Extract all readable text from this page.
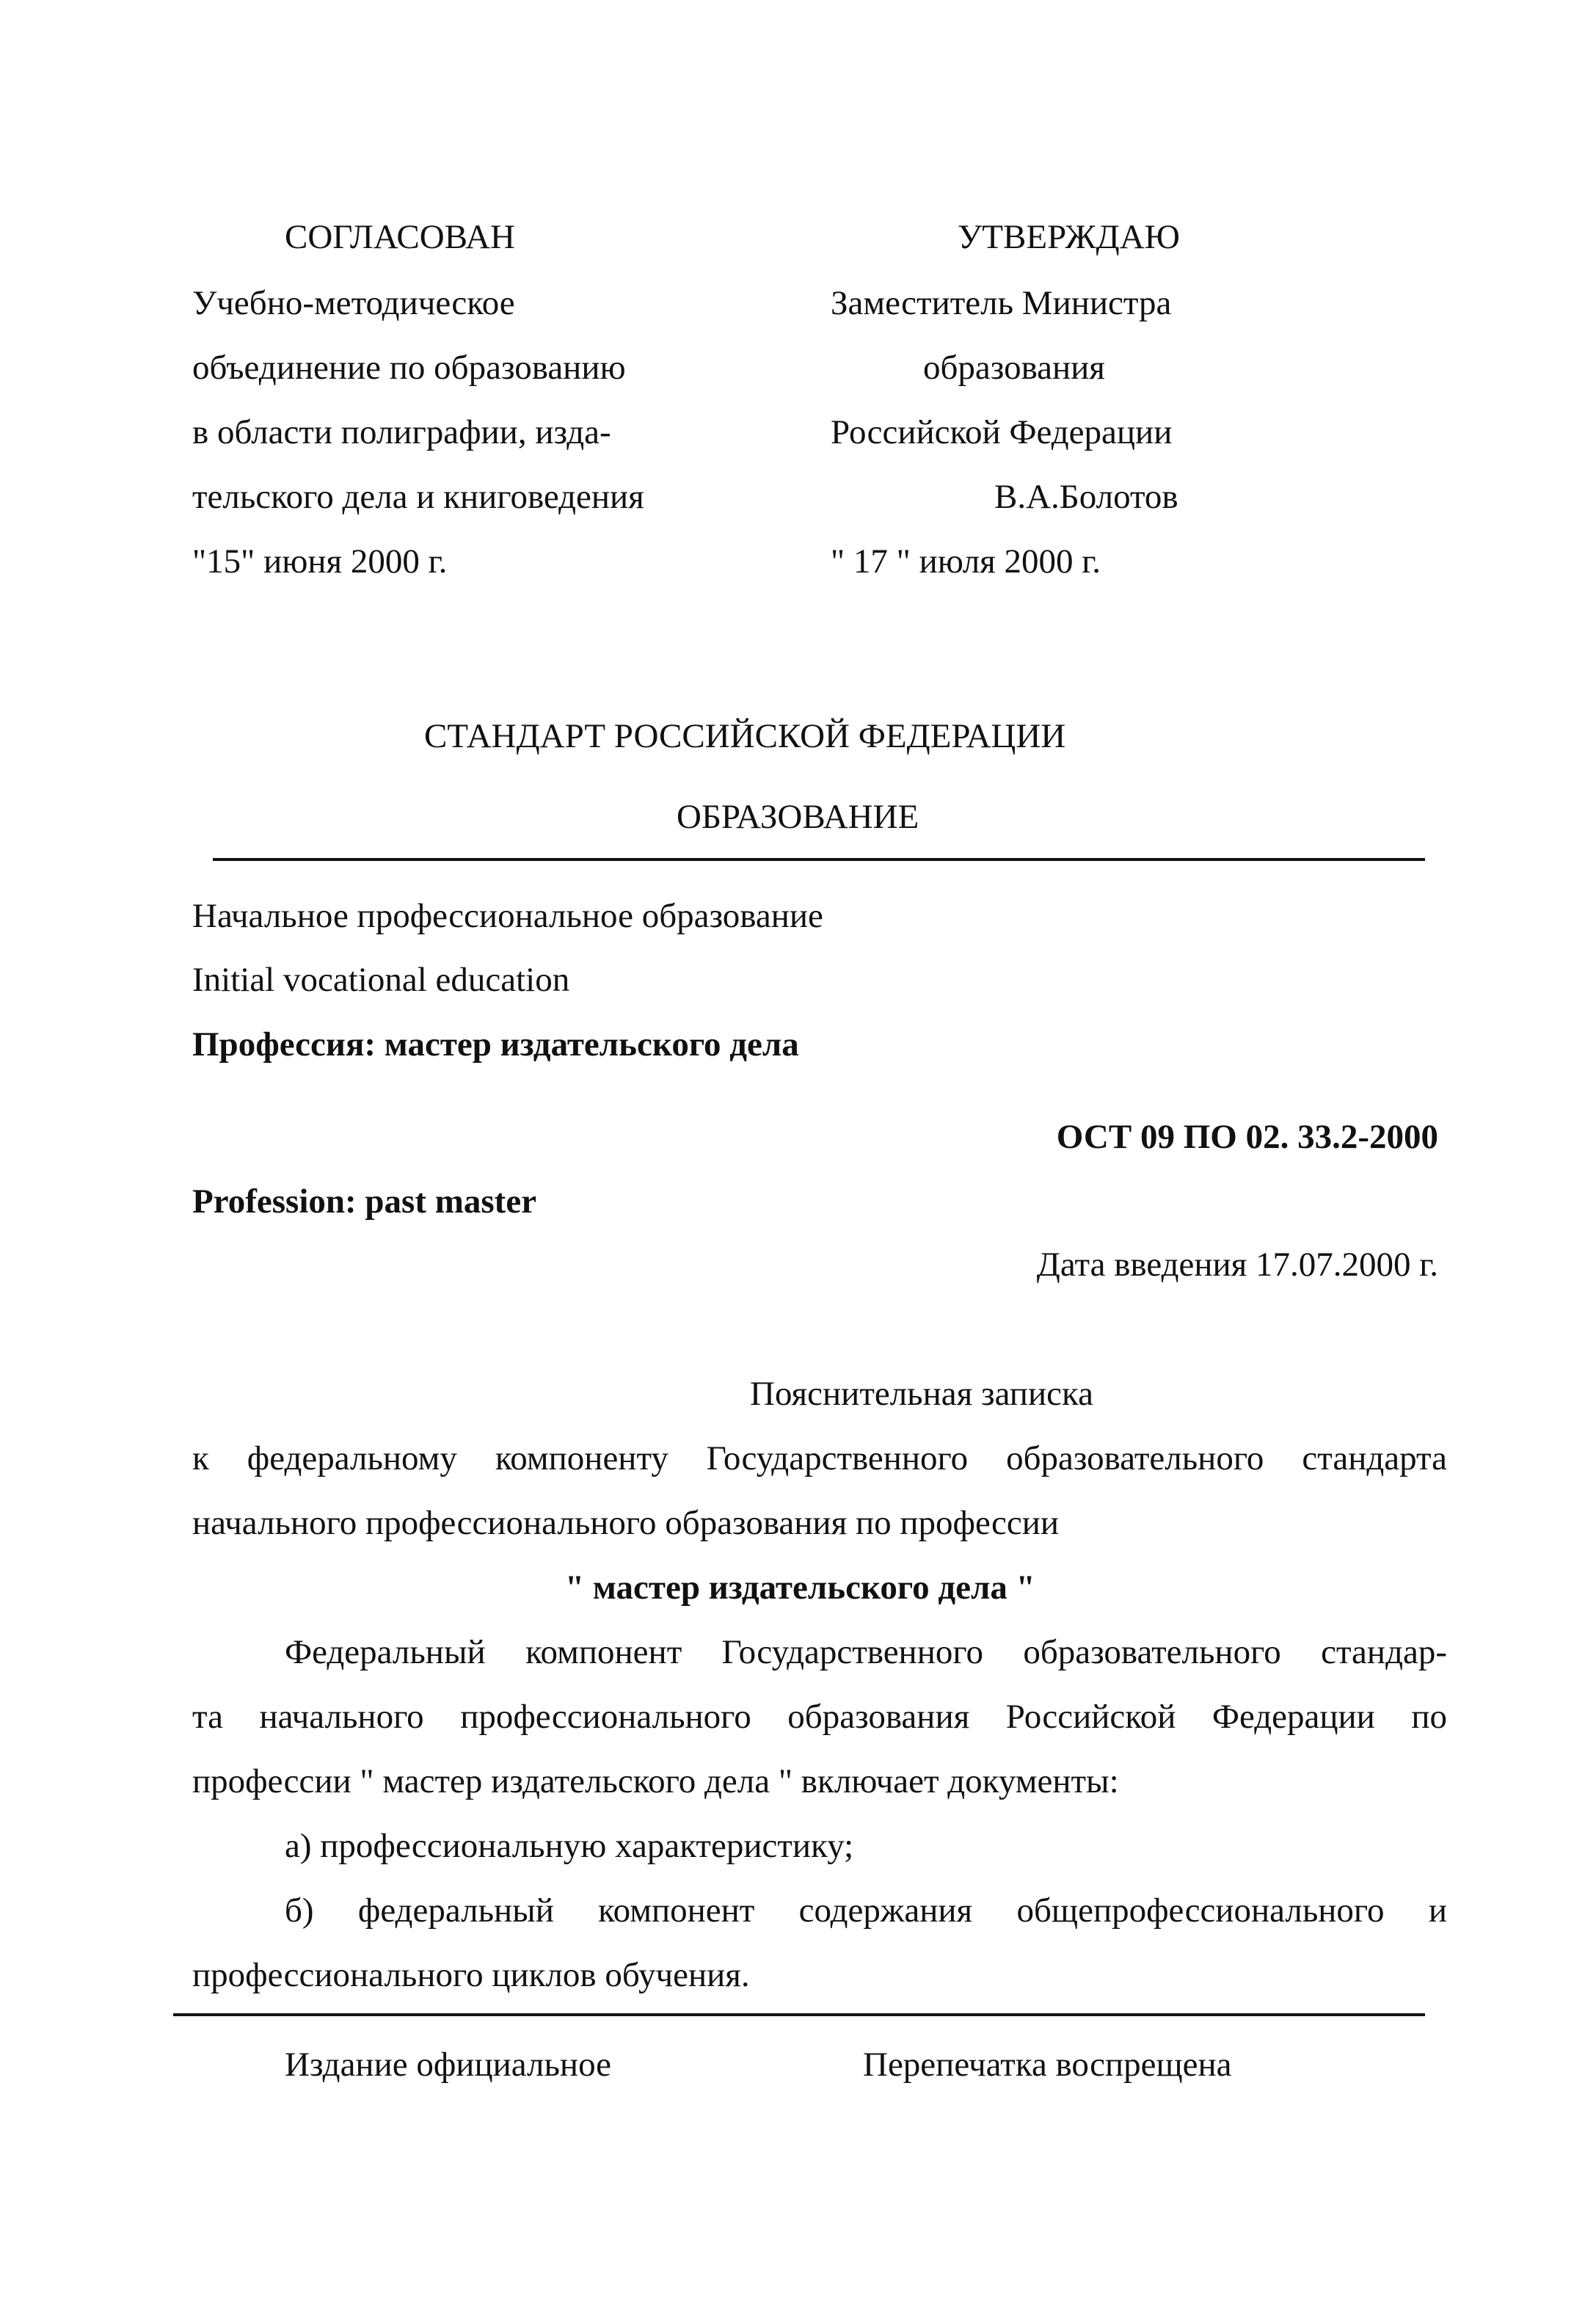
СОГЛАСОВАН
Учебно-методическое
объединение по образованию
в области полиграфии, изда-
тельского дела и книговедения
"15" июня 2000 г.
УТВЕРЖДАЮ
Заместитель Министра
образования
Российской Федерации
В.А.Болотов
" 17 " июля 2000 г.
СТАНДАРТ РОССИЙСКОЙ ФЕДЕРАЦИИ
ОБРАЗОВАНИЕ
Начальное профессиональное образование
Initial vocational education
Профессия: мастер издательского дела
ОСТ 09 ПО 02. 33.2-2000
Profession: past master
Дата введения 17.07.2000 г.
Пояснительная записка
к федеральному компоненту Государственного образовательного стандарта
начального профессионального образования по профессии
" мастер издательского дела "
Федеральный компонент Государственного образовательного стандар-
та начального профессионального образования Российской Федерации по
профессии " мастер издательского дела " включает документы:
а) профессиональную характеристику;
б) федеральный компонент содержания общепрофессионального и
профессионального циклов обучения.
Издание официальное	Перепечатка воспрещена
